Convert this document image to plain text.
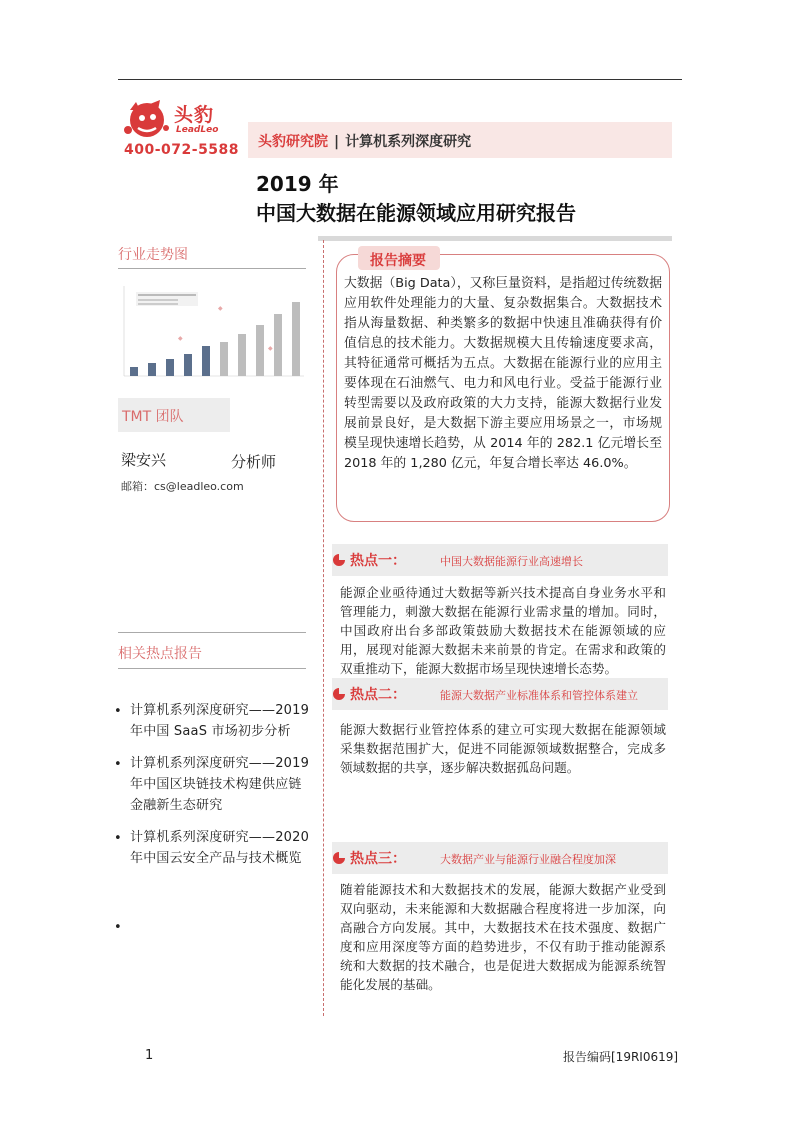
头豹
LeadLeo
400-072-5588 头豹研究院 | 计算机系列深度研究
2019 年
中国大数据在能源领域应用研究报告
行业走势图
◆
◆
◆
TMT 团队
梁安兴	分析师
邮箱：cs@leadleo.com
相关热点报告
• 计算机系列深度研究——2019 年中国 SaaS 市场初步分析
• 计算机系列深度研究——2019 年中国区块链技术构建供应链金融新生态研究
• 计算机系列深度研究——2020 年中国云安全产品与技术概览
•
报告摘要
大数据（Big Data），又称巨量资料，是指超过传统数据应用软件处理能力的大量、复杂数据集合。大数据技术指从海量数据、种类繁多的数据中快速且准确获得有价值信息的技术能力。大数据规模大且传输速度要求高，其特征通常可概括为五点。大数据在能源行业的应用主要体现在石油燃气、电力和风电行业。受益于能源行业转型需要以及政府政策的大力支持，能源大数据行业发展前景良好，是大数据下游主要应用场景之一，市场规模呈现快速增长趋势，从 2014 年的 282.1 亿元增长至 2018 年的 1,280 亿元，年复合增长率达 46.0%。
热点一：	中国大数据能源行业高速增长
能源企业亟待通过大数据等新兴技术提高自身业务水平和管理能力，刺激大数据在能源行业需求量的增加。同时，中国政府出台多部政策鼓励大数据技术在能源领域的应用，展现对能源大数据未来前景的肯定。在需求和政策的双重推动下，能源大数据市场呈现快速增长态势。
热点二：	能源大数据产业标准体系和管控体系建立
能源大数据行业管控体系的建立可实现大数据在能源领域采集数据范围扩大，促进不同能源领域数据整合，完成多领域数据的共享，逐步解决数据孤岛问题。
热点三：	大数据产业与能源行业融合程度加深
随着能源技术和大数据技术的发展，能源大数据产业受到双向驱动，未来能源和大数据融合程度将进一步加深，向高融合方向发展。其中，大数据技术在技术强度、数据广度和应用深度等方面的趋势进步，不仅有助于推动能源系统和大数据的技术融合，也是促进大数据成为能源系统智能化发展的基础。
1	报告编码[19RI0619]
